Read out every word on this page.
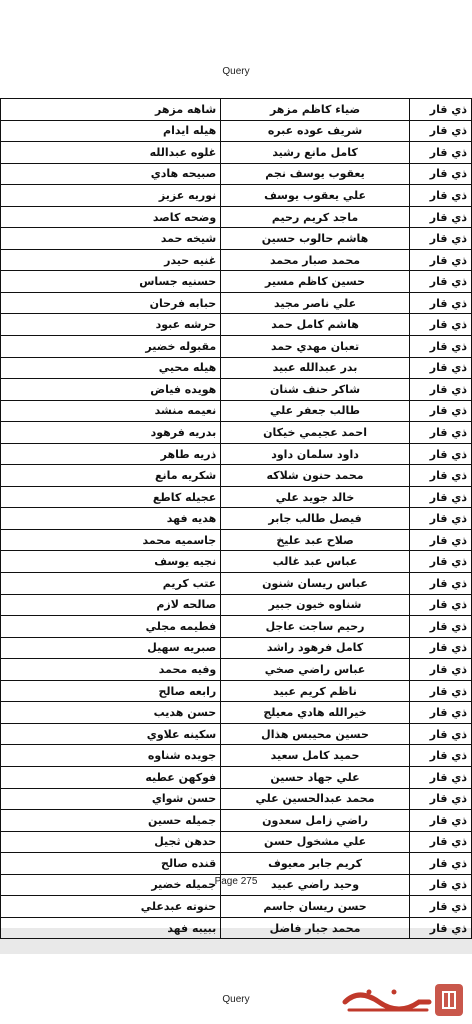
Query
ذي قار	ضياء كاظم مزهر	شاهه مزهر
ذي قار	شريف عوده عبره	هيله ايدام
ذي قار	كامل مانع رشيد	غلوه عبدالله
ذي قار	يعقوب يوسف نجم	صبيحه هادي
ذي قار	علي يعقوب يوسف	نوريه عزيز
ذي قار	ماجد كريم رحيم	وضحه كاصد
ذي قار	هاشم حالوب حسين	شيخه حمد
ذي قار	محمد صبار محمد	غنيه حيدر
ذي قار	حسين كاظم مسير	حسنيه جساس
ذي قار	علي ناصر مجيد	حبابه فرحان
ذي قار	هاشم كامل حمد	حرشه عبود
ذي قار	تعبان مهدي حمد	مقبوله خضير
ذي قار	بدر عبدالله عبيد	هيله محيي
ذي قار	شاكر حنف شنان	هويده فياض
ذي قار	طالب جعفر علي	نعيمه منشد
ذي قار	احمد عجيمي خيكان	بدريه فرهود
ذي قار	داود سلمان داود	ذريه طاهر
ذي قار	محمد حنون شلاكه	شكريه مانع
ذي قار	خالد جويد علي	عجيله كاطع
ذي قار	فيصل طالب جابر	هديه فهد
ذي قار	صلاح عبد عليخ	جاسميه محمد
ذي قار	عباس عبد غالب	نجيه يوسف
ذي قار	عباس ريسان شنون	عتب كريم
ذي قار	شناوه خيون جبير	صالحه لازم
ذي قار	رحيم ساجت عاجل	فطيمه مجلي
ذي قار	كامل فرهود راشد	صبريه سهيل
ذي قار	عباس راضي صخي	وفيه محمد
ذي قار	ناظم كريم عبيد	رابعه صالح
ذي قار	خيرالله هادي معيلج	حسن هديب
ذي قار	حسين محيبس هذال	سكينه علاوي
ذي قار	حميد كامل سعيد	جويده شناوه
ذي قار	علي جهاد حسين	فوكهن عطيه
ذي قار	محمد عبدالحسين علي	حسن شواي
ذي قار	راضي زامل سعدون	جميله حسين
ذي قار	علي مشخول حسن	حدهن ثجيل
ذي قار	كريم جابر معيوف	قنده صالح
ذي قار	وحيد راضي عبيد	جميله خضير
ذي قار	حسن ريسان جاسم	حنوته عبدعلي
ذي قار	محمد جبار فاضل	ببيبه فهد
Page 275
Query
